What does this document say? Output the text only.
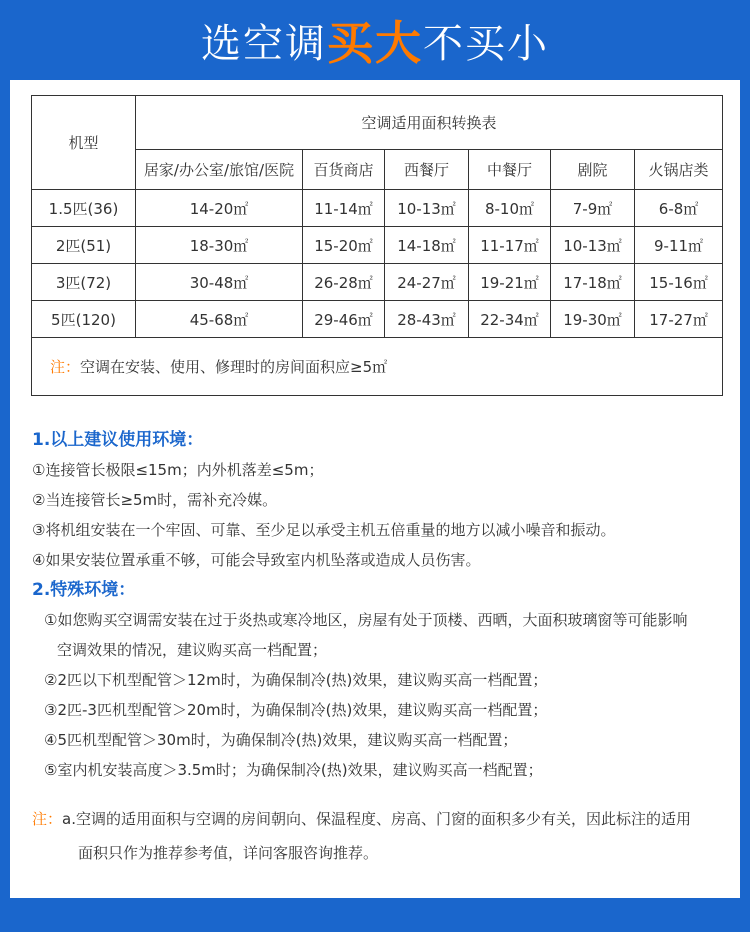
选空调 买大 不买小
机型	空调适用面积转换表					
	居家/办公室/旅馆/医院	百货商店	西餐厅	中餐厅	剧院	火锅店类
1.5匹(36)	14-20㎡	11-14㎡	10-13㎡	8-10㎡	7-9㎡	6-8㎡
2匹(51)	18-30㎡	15-20㎡	14-18㎡	11-17㎡	10-13㎡	9-11㎡
3匹(72)	30-48㎡	26-28㎡	24-27㎡	19-21㎡	17-18㎡	15-16㎡
5匹(120)	45-68㎡	29-46㎡	28-43㎡	22-34㎡	19-30㎡	17-27㎡
注：空调在安装、使用、修理时的房间面积应≥5㎡						
1.以上建议使用环境：
①连接管长极限≤15m；内外机落差≤5m；
②当连接管长≥5m时，需补充冷媒。
③将机组安装在一个牢固、可靠、至少足以承受主机五倍重量的地方以减小噪音和振动。
④如果安装位置承重不够，可能会导致室内机坠落或造成人员伤害。
2.特殊环境：
①如您购买空调需安装在过于炎热或寒冷地区，房屋有处于顶楼、西晒，大面积玻璃窗等可能影响
空调效果的情况，建议购买高一档配置；
②2匹以下机型配管＞12m时，为确保制冷(热)效果，建议购买高一档配置；
③2匹-3匹机型配管＞20m时，为确保制冷(热)效果，建议购买高一档配置；
④5匹机型配管＞30m时，为确保制冷(热)效果，建议购买高一档配置；
⑤室内机安装高度＞3.5m时；为确保制冷(热)效果，建议购买高一档配置；
注：a.空调的适用面积与空调的房间朝向、保温程度、房高、门窗的面积多少有关，因此标注的适用
面积只作为推荐参考值，详问客服咨询推荐。
